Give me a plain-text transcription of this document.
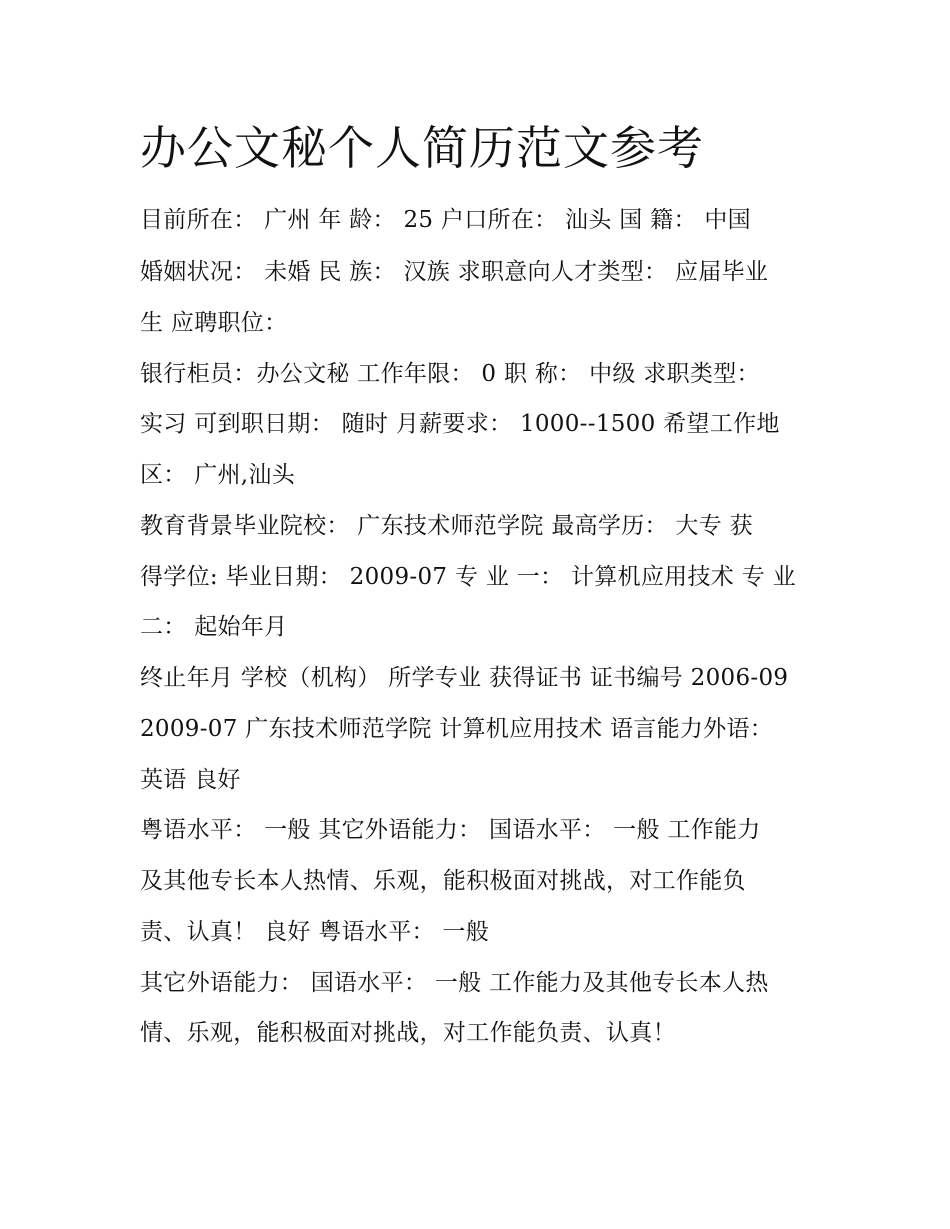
办公文秘个人简历范文参考
目前所在： 广州 年 龄： 25 户口所在： 汕头 国 籍： 中国
婚姻状况： 未婚 民 族： 汉族 求职意向人才类型： 应届毕业
生 应聘职位：
银行柜员：办公文秘 工作年限： 0 职 称： 中级 求职类型：
实习 可到职日期： 随时 月薪要求： 1000--1500 希望工作地
区： 广州,汕头
教育背景毕业院校： 广东技术师范学院 最高学历： 大专 获
得学位: 毕业日期： 2009-07 专 业 一： 计算机应用技术 专 业
二： 起始年月
终止年月 学校（机构） 所学专业 获得证书 证书编号 2006-09
2009-07 广东技术师范学院 计算机应用技术 语言能力外语：
英语 良好
粤语水平： 一般 其它外语能力： 国语水平： 一般 工作能力
及其他专长本人热情、乐观，能积极面对挑战，对工作能负
责、认真！ 良好 粤语水平： 一般
其它外语能力： 国语水平： 一般 工作能力及其他专长本人热
情、乐观，能积极面对挑战，对工作能负责、认真！
